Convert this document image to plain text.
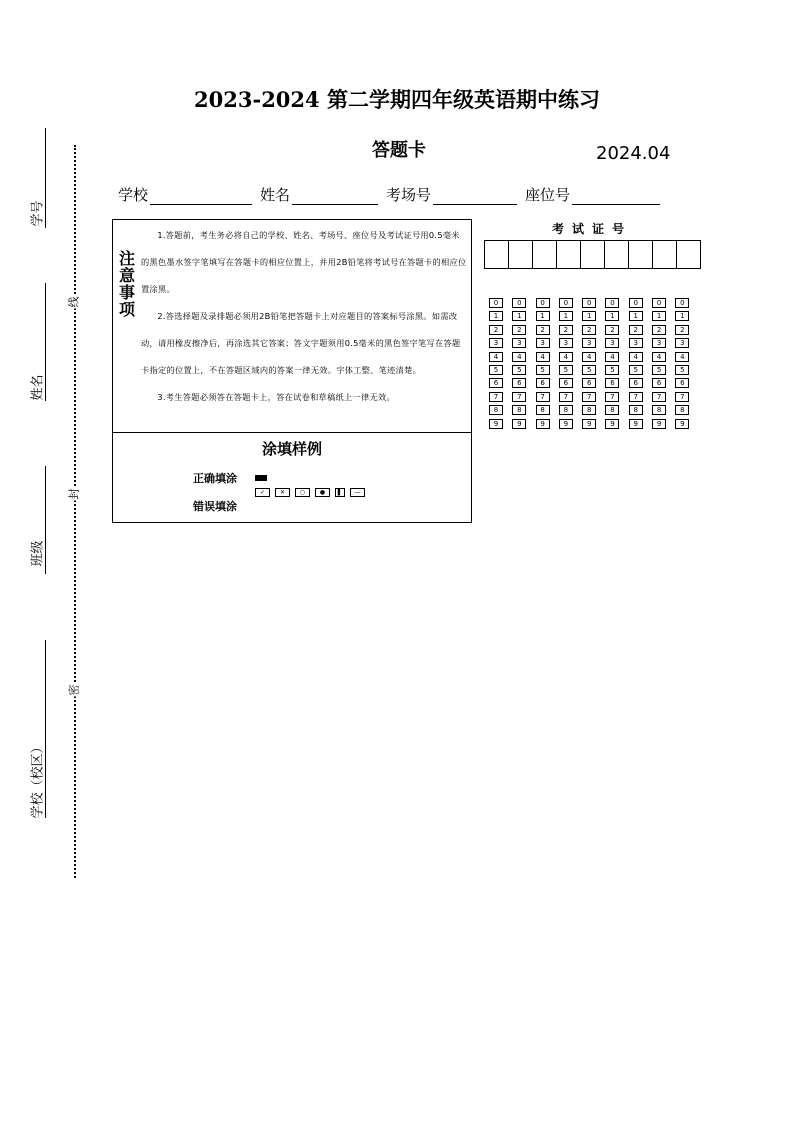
学号
姓名
班级
学校（校区）
线
封
密
2023-2024 第二学期四年级英语期中练习
答题卡	2024.04
学校	姓名	考场号	座位号
注意事项

1.答题前，考生务必将自己的学校、姓名、考场号、座位号及考试证号用0.5毫米的黑色墨水签字笔填写在答题卡的相应位置上，并用2B铅笔将考试号在答题卡的相应位置涂黑。

2.答选择题及录排题必须用2B铅笔把答题卡上对应题目的答案标号涂黑。如需改动，请用橡皮擦净后，再涂选其它答案；答文字题须用0.5毫米的黑色签字笔写在答题卡指定的位置上，不在答题区域内的答案一律无效。字体工整、笔迹清楚。

3.考生答题必须答在答题卡上，答在试卷和草稿纸上一律无效。

涂填样例
正确填涂
错误填涂
✓	✕	○	●	▌	―
考试证号
0	0	0	0	0	0	0	0	0
1	1	1	1	1	1	1	1	1
2	2	2	2	2	2	2	2	2
3	3	3	3	3	3	3	3	3
4	4	4	4	4	4	4	4	4
5	5	5	5	5	5	5	5	5
6	6	6	6	6	6	6	6	6
7	7	7	7	7	7	7	7	7
8	8	8	8	8	8	8	8	8
9	9	9	9	9	9	9	9	9
